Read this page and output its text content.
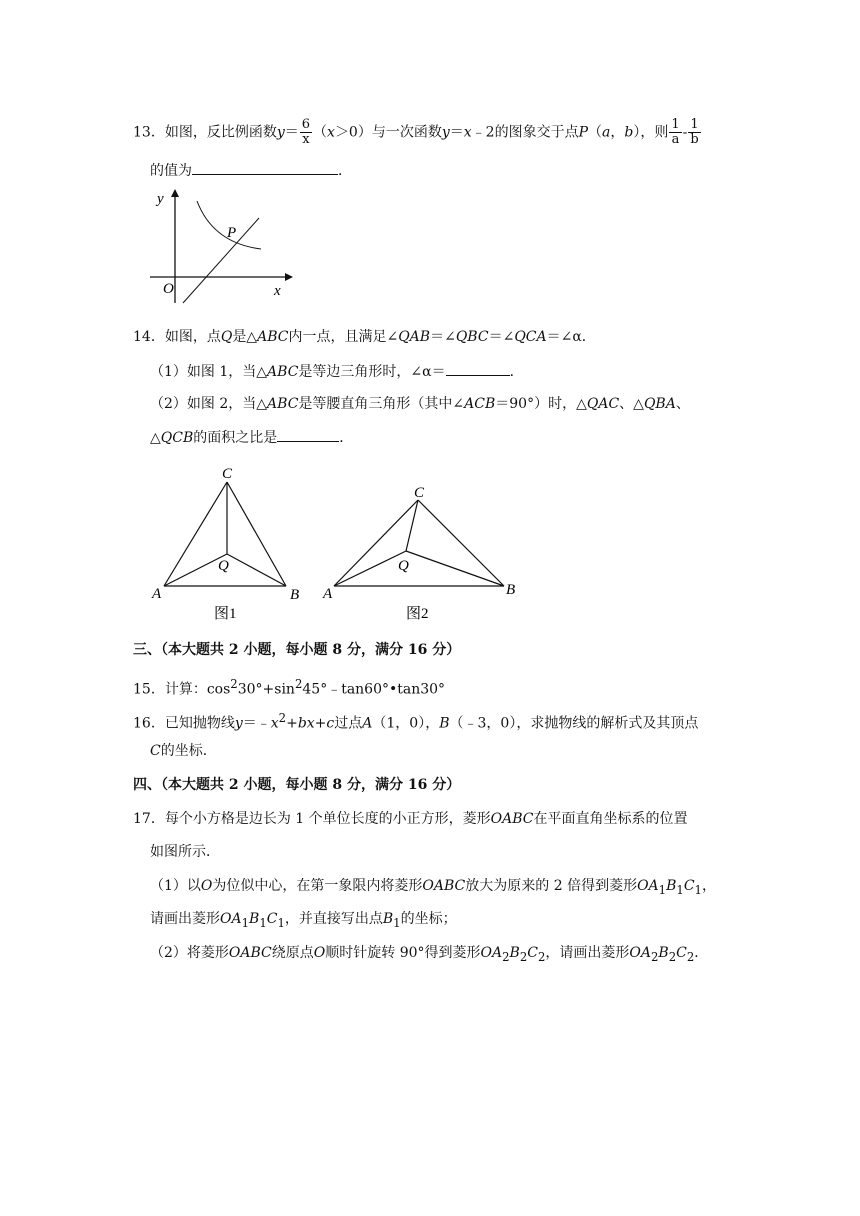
13．如图，反比例函数$y= \frac{6}{x} (x>0)$与一次函数y＝x﹣2的图象交于点P（a，b），则 $\frac{1}{a} - \frac{1}{b}$
的值为	．
y
x
O
P
14．如图，点Q是△ABC内一点，且满足∠QAB＝∠QBC＝∠QCA＝∠α．
（1）如图 1，当△ABC是等边三角形时，∠α＝	．
（2）如图 2，当△ABC是等腰直角三角形（其中∠ACB＝90°）时，△QAC、△QBA、
△QCB的面积之比是	．
C
A	B
Q
图1
C
A	B
Q
图2
三、（本大题共 2 小题，每小题 8 分，满分 16 分）
15．计算：$\cos^230^\circ+\sin^245^\circ﹣\tan 60^\circ•\tan 30^\circ$
16．已知抛物线$y=﹣x^2+bx+c$过点A（1，0），B（﹣3，0），求抛物线的解析式及其顶点
C的坐标．
四、（本大题共 2 小题，每小题 8 分，满分 16 分）
17．每个小方格是边长为 1 个单位长度的小正方形，菱形OABC在平面直角坐标系的位置
如图所示．
（1）以O为位似中心，在第一象限内将菱形OABC放大为原来的 2 倍得到菱形$OA_1B_1C_1$，
请画出菱形$OA_1B_1C_1$，并直接写出点$B_1$的坐标；
（2）将菱形OABC绕原点O顺时针旋转 90°得到菱形$OA_2B_2C_2$，请画出菱形$OA_2B_2C_2$．
